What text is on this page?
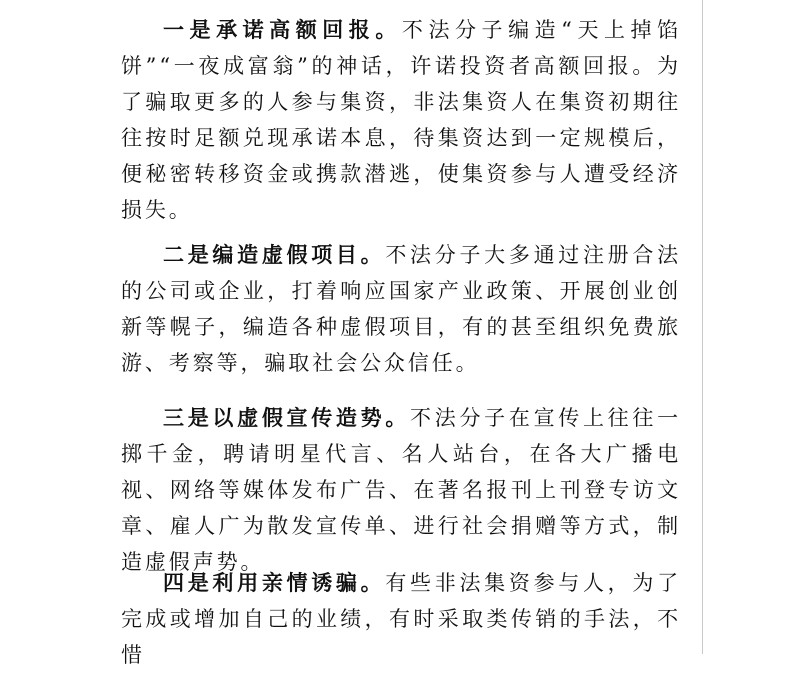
一是承诺高额回报。不法分子编造“天上掉馅饼”“一夜成富翁”的神话，许诺投资者高额回报。为了骗取更多的人参与集资，非法集资人在集资初期往往按时足额兑现承诺本息，待集资达到一定规模后，便秘密转移资金或携款潜逃，使集资参与人遭受经济损失。

二是编造虚假项目。不法分子大多通过注册合法的公司或企业，打着响应国家产业政策、开展创业创新等幌子，编造各种虚假项目，有的甚至组织免费旅游、考察等，骗取社会公众信任。

三是以虚假宣传造势。不法分子在宣传上往往一掷千金，聘请明星代言、名人站台，在各大广播电视、网络等媒体发布广告、在著名报刊上刊登专访文章、雇人广为散发宣传单、进行社会捐赠等方式，制造虚假声势。

四是利用亲情诱骗。有些非法集资参与人，为了完成或增加自己的业绩，有时采取类传销的手法，不惜
